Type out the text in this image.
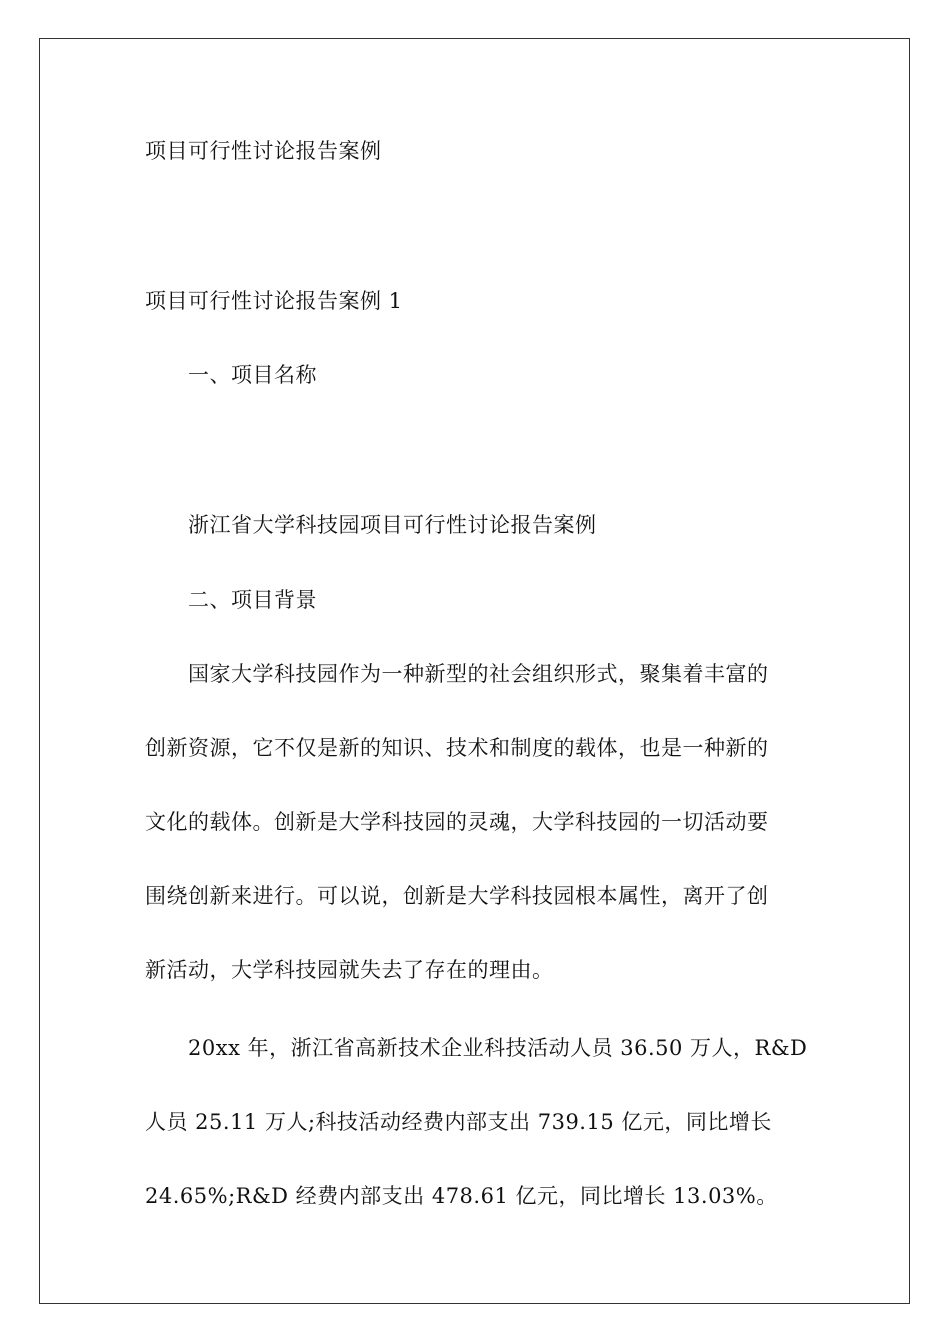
项目可行性讨论报告案例
项目可行性讨论报告案例 1
一、项目名称
浙江省大学科技园项目可行性讨论报告案例
二、项目背景
国家大学科技园作为一种新型的社会组织形式，聚集着丰富的
创新资源，它不仅是新的知识、技术和制度的载体，也是一种新的
文化的载体。创新是大学科技园的灵魂，大学科技园的一切活动要
围绕创新来进行。可以说，创新是大学科技园根本属性，离开了创
新活动，大学科技园就失去了存在的理由。
20xx 年，浙江省高新技术企业科技活动人员 36.50 万人，R&D
人员 25.11 万人;科技活动经费内部支出 739.15 亿元，同比增长
24.65%;R&D 经费内部支出 478.61 亿元，同比增长 13.03%。
